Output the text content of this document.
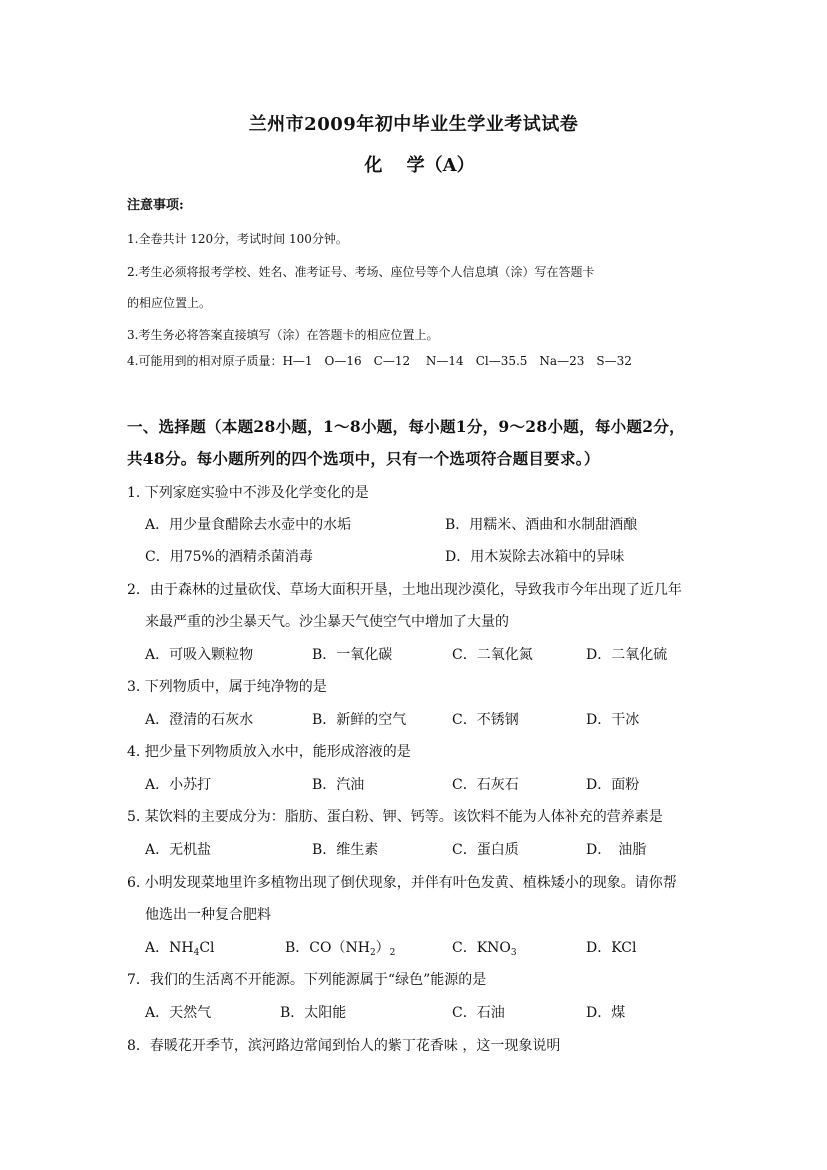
兰州市2009年初中毕业生学业考试试卷
化　 学（A）
注意事项:
1.全卷共计 120分，考试时间 100分钟。
2.考生必须将报考学校、姓名、准考证号、考场、座位号等个人信息填（涂）写在答题卡
的相应位置上。
3.考生务必将答案直接填写（涂）在答题卡的相应位置上。
4.可能用到的相对原子质量：H—1　O—16　C—12　 N—14　Cl—35.5　Na—23　S—32
一、选择题（本题28小题，1～8小题，每小题1分，9～28小题，每小题2分，
共48分。每小题所列的四个选项中，只有一个选项符合题目要求。）
1. 下列家庭实验中不涉及化学变化的是
A．用少量食醋除去水壶中的水垢	B．用糯米、酒曲和水制甜酒酿
C．用75%的酒精杀菌消毒	D．用木炭除去冰箱中的异味
2．由于森林的过量砍伐、草场大面积开垦，土地出现沙漠化，导致我市今年出现了近几年
来最严重的沙尘暴天气。沙尘暴天气使空气中增加了大量的
A．可吸入颗粒物	B．一氧化碳	C．二氧化氮	D．二氧化硫
3. 下列物质中，属于纯净物的是
A．澄清的石灰水	B．新鲜的空气	C．不锈钢	D．干冰
4. 把少量下列物质放入水中，能形成溶液的是
A．小苏打	B．汽油	C．石灰石	D．面粉
5. 某饮料的主要成分为：脂肪、蛋白粉、钾、钙等。该饮料不能为人体补充的营养素是
A．无机盐	B．维生素	C．蛋白质	D．　油脂
6. 小明发现菜地里许多植物出现了倒伏现象，并伴有叶色发黄、植株矮小的现象。请你帮
他选出一种复合肥料
A．$NH_4Cl$	B．$CO(NH_2)_2$	C．$KNO_3$	D．KCl
7．我们的生活离不开能源。下列能源属于“绿色”能源的是
A．天然气	B．太阳能	C．石油	D．煤
8．春暖花开季节，滨河路边常闻到怡人的紫丁花香味 ，这一现象说明
